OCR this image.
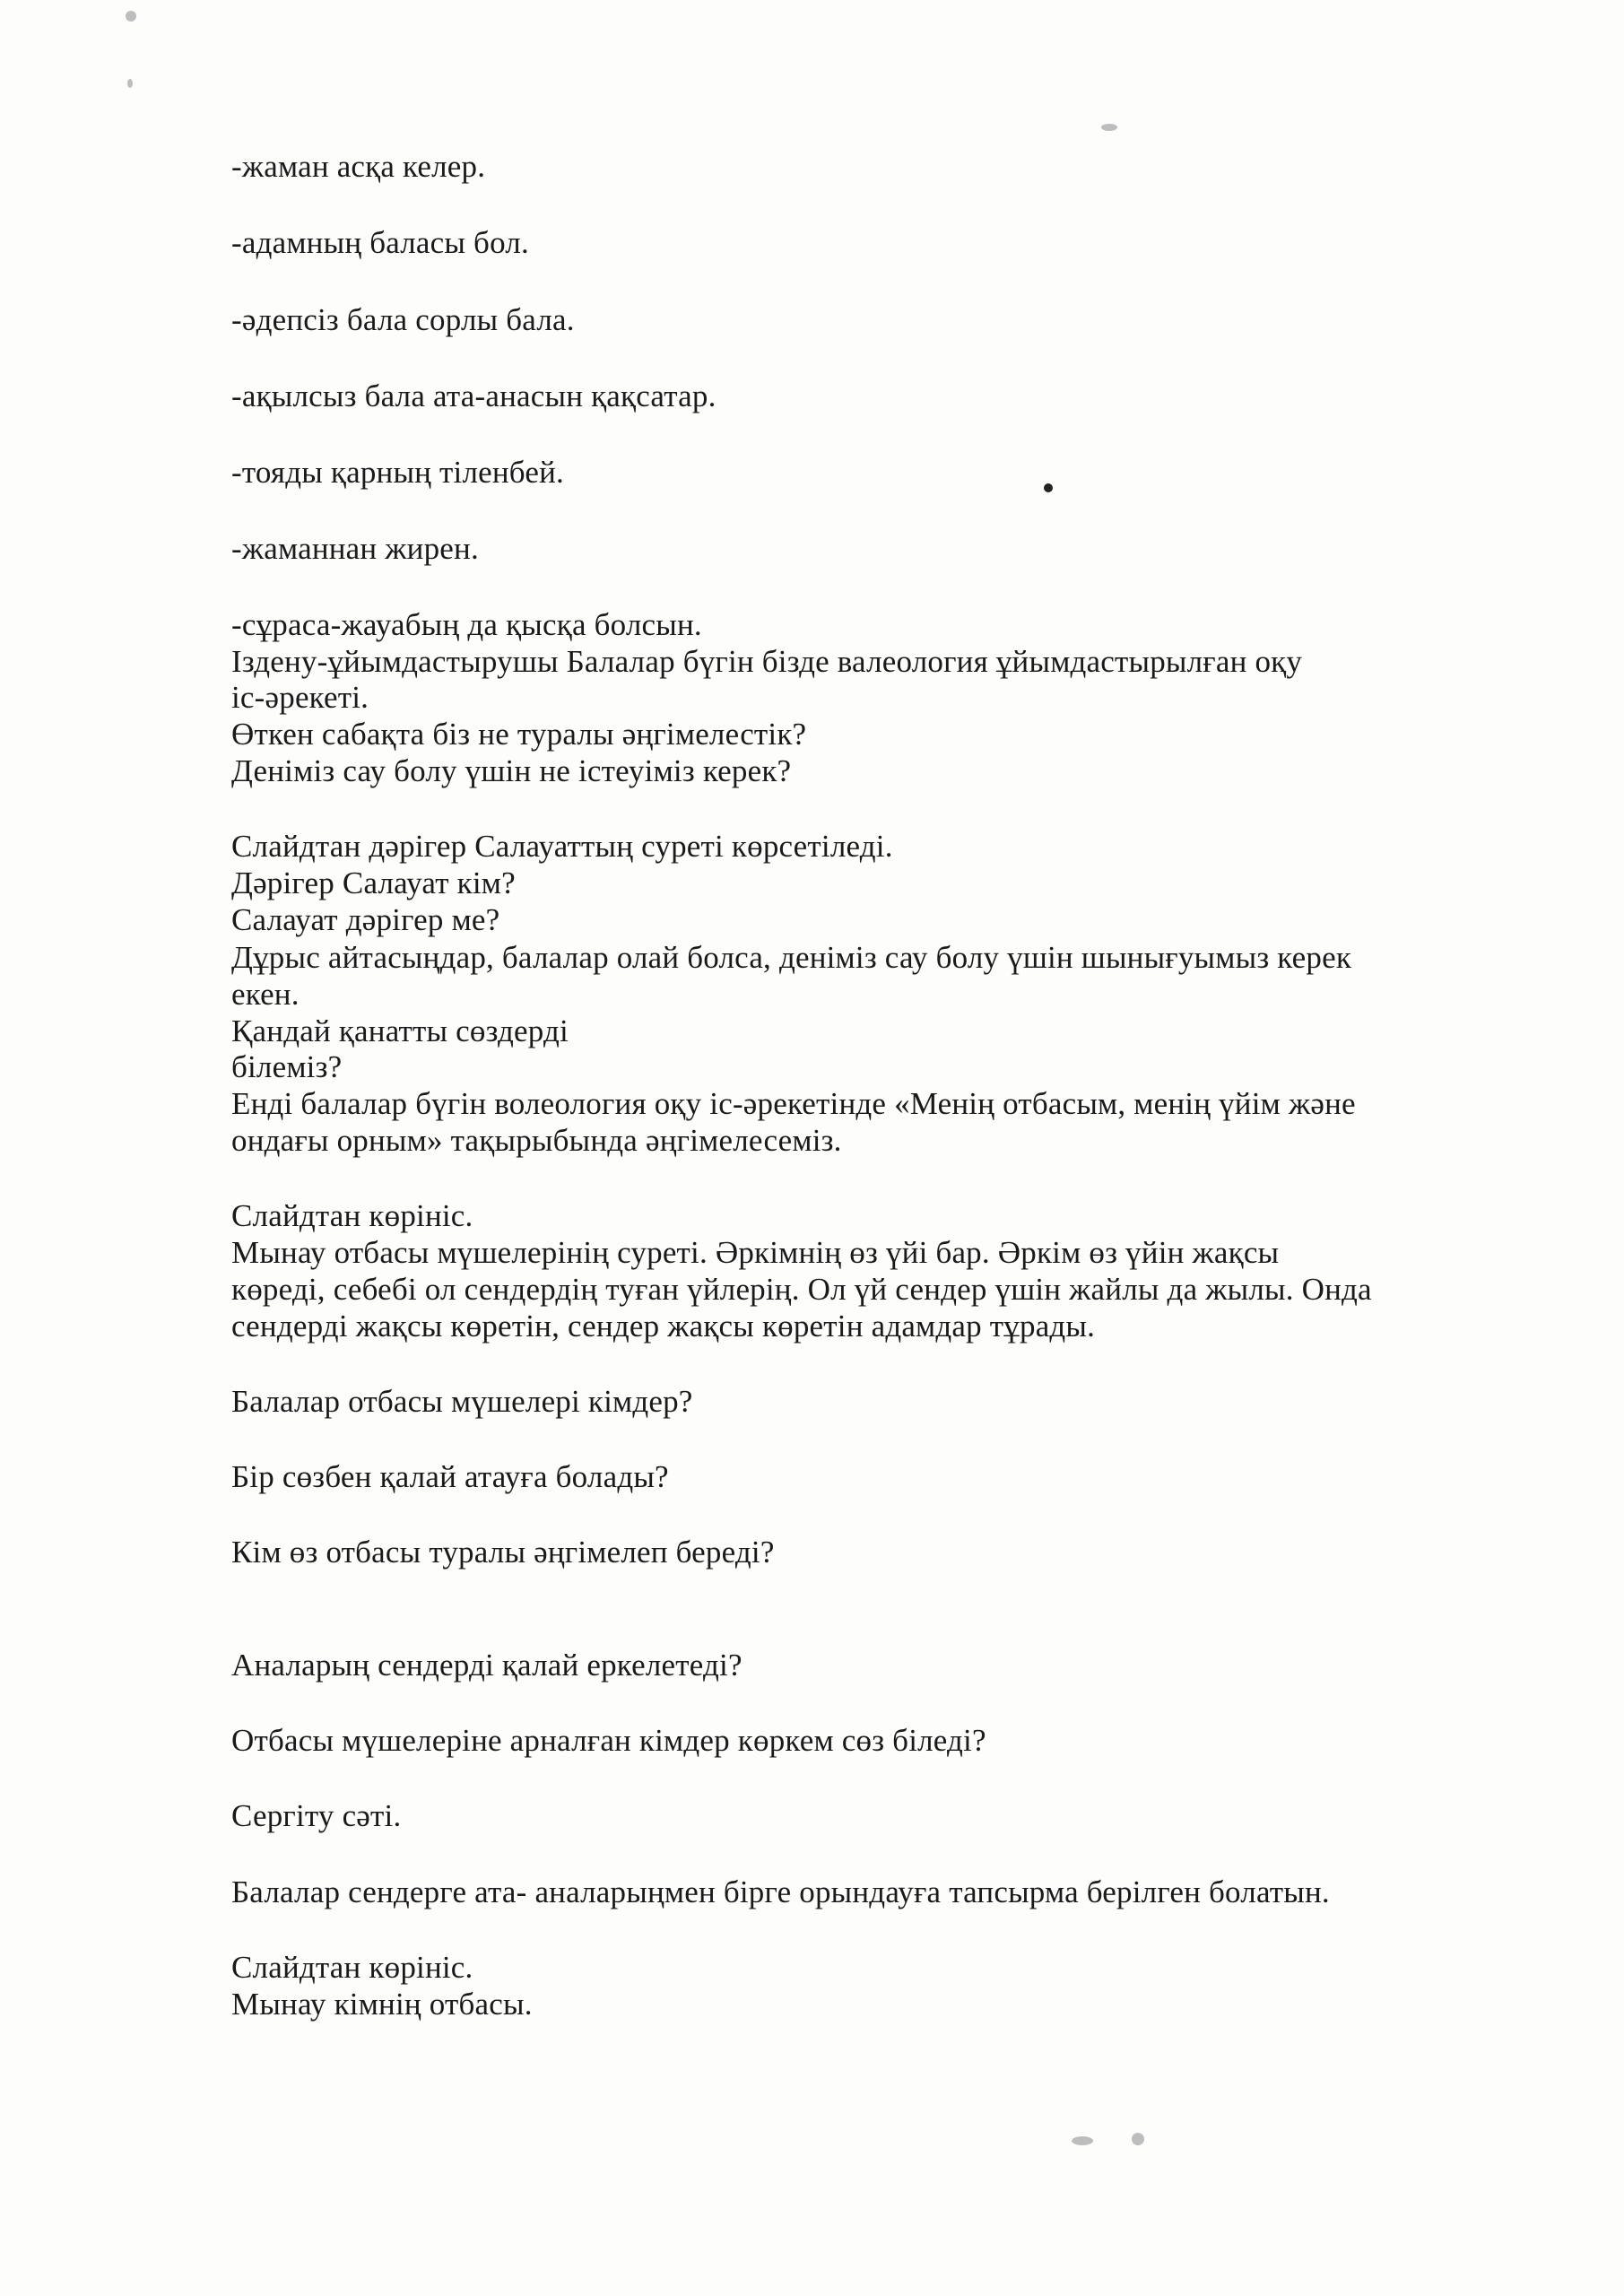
-жаман асқа келер.
-адамның баласы бол.
-әдепсіз бала сорлы бала.
-ақылсыз бала ата-анасын қақсатар.
-тояды қарның тіленбей.
-жаманнан жирен.
-сұраса-жауабың да қысқа болсын.
Іздену-ұйымдастырушы Балалар бүгін бізде валеология ұйымдастырылған оқу
іс-әрекеті.
Өткен сабақта біз не туралы әңгімелестік?
Деніміз сау болу үшін не істеуіміз керек?
Слайдтан дәрігер Салауаттың суреті көрсетіледі.
Дәрігер Салауат кім?
Салауат дәрігер ме?
Дұрыс айтасыңдар, балалар олай болса, деніміз сау болу үшін шынығуымыз керек
екен.
Қандай қанатты сөздерді
білеміз?
Енді балалар бүгін волеология оқу іс-әрекетінде «Менің отбасым, менің үйім және
ондағы орным» тақырыбында әңгімелесеміз.
Слайдтан көрініс.
Мынау отбасы мүшелерінің суреті. Әркімнің өз үйі бар. Әркім өз үйін жақсы
көреді, себебі ол сендердің туған үйлерің. Ол үй сендер үшін жайлы да жылы. Онда
сендерді жақсы көретін, сендер жақсы көретін адамдар тұрады.
Балалар отбасы мүшелері кімдер?
Бір сөзбен қалай атауға болады?
Кім өз отбасы туралы әңгімелеп береді?
Аналарың сендерді қалай еркелетеді?
Отбасы мүшелеріне арналған кімдер көркем сөз біледі?
Сергіту сәті.
Балалар сендерге ата- аналарыңмен бірге орындауға тапсырма берілген болатын.
Слайдтан көрініс.
Мынау кімнің отбасы.
